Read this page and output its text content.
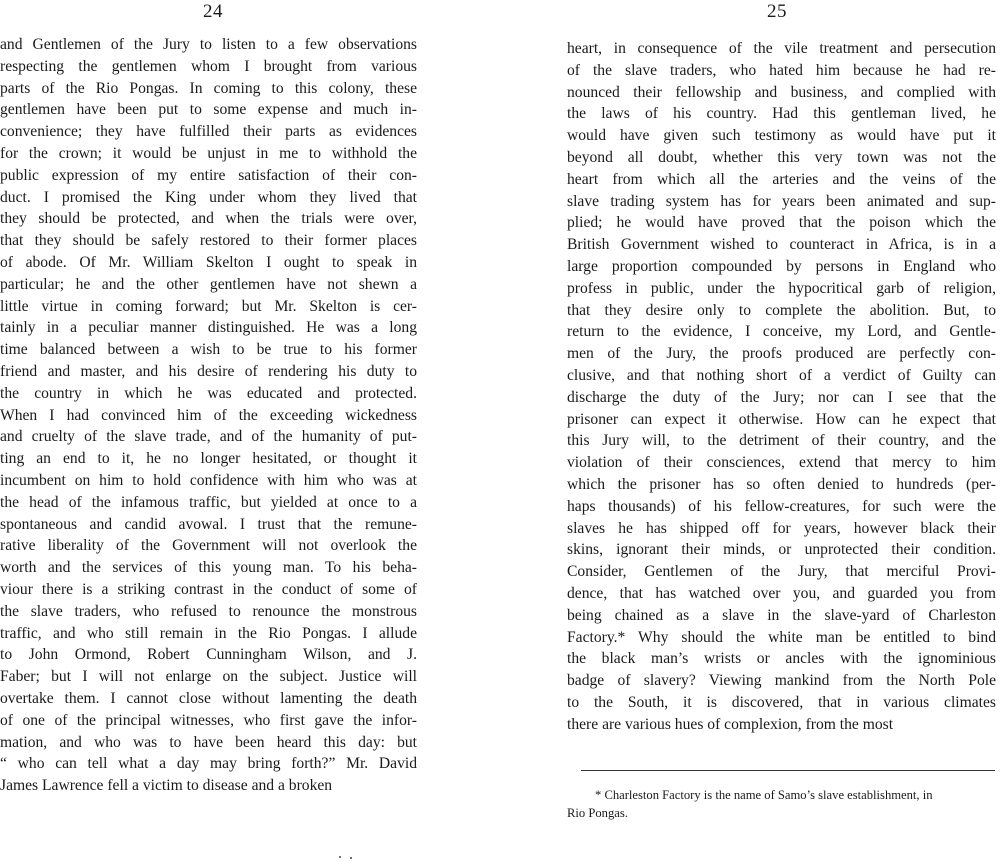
24
and Gentlemen of the Jury to listen to a few observations
respecting the gentlemen whom I brought from various
parts of the Rio Pongas. In coming to this colony, these
gentlemen have been put to some expense and much in-
convenience; they have fulfilled their parts as evidences
for the crown; it would be unjust in me to withhold the
public expression of my entire satisfaction of their con-
duct. I promised the King under whom they lived that
they should be protected, and when the trials were over,
that they should be safely restored to their former places
of abode. Of Mr. William Skelton I ought to speak in
particular; he and the other gentlemen have not shewn a
little virtue in coming forward; but Mr. Skelton is cer-
tainly in a peculiar manner distinguished. He was a long
time balanced between a wish to be true to his former
friend and master, and his desire of rendering his duty to
the country in which he was educated and protected.
When I had convinced him of the exceeding wickedness
and cruelty of the slave trade, and of the humanity of put-
ting an end to it, he no longer hesitated, or thought it
incumbent on him to hold confidence with him who was at
the head of the infamous traffic, but yielded at once to a
spontaneous and candid avowal. I trust that the remune-
rative liberality of the Government will not overlook the
worth and the services of this young man. To his beha-
viour there is a striking contrast in the conduct of some of
the slave traders, who refused to renounce the monstrous
traffic, and who still remain in the Rio Pongas. I allude
to John Ormond, Robert Cunningham Wilson, and J.
Faber; but I will not enlarge on the subject. Justice will
overtake them. I cannot close without lamenting the death
of one of the principal witnesses, who first gave the infor-
mation, and who was to have been heard this day: but
“ who can tell what a day may bring forth?” Mr. David
James Lawrence fell a victim to disease and a broken
25
heart, in consequence of the vile treatment and persecution
of the slave traders, who hated him because he had re-
nounced their fellowship and business, and complied with
the laws of his country. Had this gentleman lived, he
would have given such testimony as would have put it
beyond all doubt, whether this very town was not the
heart from which all the arteries and the veins of the
slave trading system has for years been animated and sup-
plied; he would have proved that the poison which the
British Government wished to counteract in Africa, is in a
large proportion compounded by persons in England who
profess in public, under the hypocritical garb of religion,
that they desire only to complete the abolition. But, to
return to the evidence, I conceive, my Lord, and Gentle-
men of the Jury, the proofs produced are perfectly con-
clusive, and that nothing short of a verdict of Guilty can
discharge the duty of the Jury; nor can I see that the
prisoner can expect it otherwise. How can he expect that
this Jury will, to the detriment of their country, and the
violation of their consciences, extend that mercy to him
which the prisoner has so often denied to hundreds (per-
haps thousands) of his fellow-creatures, for such were the
slaves he has shipped off for years, however black their
skins, ignorant their minds, or unprotected their condition.
Consider, Gentlemen of the Jury, that merciful Provi-
dence, that has watched over you, and guarded you from
being chained as a slave in the slave-yard of Charleston
Factory.* Why should the white man be entitled to bind
the black man’s wrists or ancles with the ignominious
badge of slavery? Viewing mankind from the North Pole
to the South, it is discovered, that in various climates
there are various hues of complexion, from the most
* Charleston Factory is the name of Samo’s slave establishment, in
Rio Pongas.
